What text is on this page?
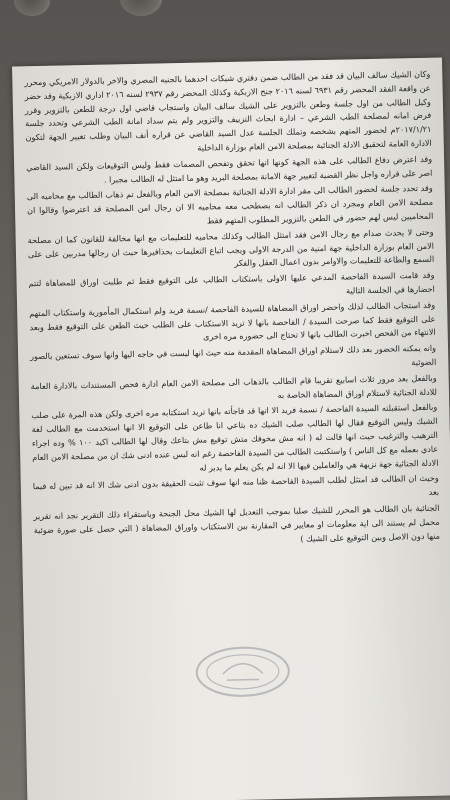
وكان الشيك سالف البيان قد فقد من الطالب ضمن دفتري شيكات احدهما بالجنيه المصري والاخر بالدولار الامريكي ومحرر عن واقعة الفقد المحضر رقم ٦٩٣١ لسنه ٢٠١٦ جنح الازبكية وكذلك المحضر رقم ٢٩٣٧ لسنه ٢٠١٦ اداري الازبكية وقد حضر وكيل الطالب من اول جلسة وطعن بالتزوير على الشيك سالف البيان واستجاب قاضي اول درجة للطعن بالتزوير وقرر فرض امانه لمصلحة الطب الشرعي – ادارة ابحاث التزييف والتزوير ولم يتم سداد امانة الطب الشرعي وتحدد جلسة ٢٠١٧/١/٢١م لحضور المتهم بشخصه وتملك الجلسة عدل السيد القاضي عن قراره أنف البيان وطلب تغيير الجهة لتكون الادارة العامة لتحقيق الادلة الجنائية بمصلحة الامن العام بوزارة الداخلية

وقد اعترض دفاع الطالب على هذه الجهة كونها انها تحقق وتفحص المصمات فقط وليس التوقيعات ولكن السيد القاضي اصر على قراره واجل نظر القضية لتغيير جهة الامانة بمصلحة البريد وهو ما امتثل له الطالب مجبرا .

وقد تحدد جلسة لحضور الطالب الى مقر ادارة الادلة الجنائية بمصلحة الامن العام وبالفعل تم ذهاب الطالب مع محاميه الى مصلحة الامن العام ومجرد ان ذكر الطالب انه يصطحب معه محاميه الا ان رجال امن المصلحة قد اعترضوا وقالوا ان المحاميين ليس لهم حضور في الطعن بالتزوير المطلوب المتهم فقط

وحتى لا يحدث صدام مع رجال الامن فقد امتثل الطالب وكذلك محاميه للتعليمات مع انها مخالفة للقانون كما ان مصلحة الامن العام بوزارة الداخلية جهة امنية من الدرجة الاولى ويجب اتباع التعليمات بحذافيرها حيث ان رجالها مدربين على على السمع والطاعة للتعليمات والاوامر بدون اعمال العقل والفكر

وقد قامت السيدة الفاحصة المدعي عليها الاولى باستكتاب الطالب على التوقيع فقط ثم طلبت اوراق للمضاهاة لتتم احضارها في الجلسة التالية

وقد استجاب الطالب لذلك واحضر اوراق المضاهاة للسيدة الفاحصة /نسمة فريد ولم استكمال المأمورية واستكتاب المتهم على التوقيع فقط كما صرحت السيدة / الفاحصة بانها لا تريد الاستكتاب على الطلب حيث الطعن على التوقيع فقط وبعد الانتهاء من الفحص اخبرت الطالب بانها لا تحتاج الى حضوره مره اخرى

وانه يمكنه الحضور بعد ذلك لاستلام اوراق المضاهاة المقدمة منه حيث انها ليست في حاجه اليها وانها سوف تستعين بالصور الضوئية

وبالفعل بعد مرور ثلاث اسابيع تقريبا قام الطالب بالذهاب الى مصلحة الامن العام ادارة فحص المستندات بالادارة العامة للادلة الجنائية لاستلام اوراق المضاهاة الخاصة به

وبالفعل استقبلته السيدة الفاحصة / نسمة فريد الا انها قد فاجأته بانها تريد استكتابه مره اخرى ولكن هذه المرة على صلب الشيك وليس التوقيع فقال لها الطالب صلب الشيك ده بتاعي انا طاعن على التوقيع الا انها استخدمت مع الطالب لغة الترهيب والترغيب حيث انها قالت له ( انه مش مخوفك متش توقيع مش بتاعك وقال لها الطالب اكيد ١٠٠ % وده اجراء عادي بعمله مع كل الناس ) واستكتبت الطالب من السيدة الفاحصة رغم انه ليس عنده ادنى شك ان من مصلحة الامن العام الادلة الجنائية جهة نزيهة هي والعاملين فيها الا انه لم يكن يعلم ما يدبر له

وحيث ان الطالب قد امتثل لطلب السيدة الفاحصة ظنا منه انها سوف تثبت الحقيقة بدون ادنى شك الا انه قد تبين له فيما بعد

الجنائية بان الطالب هو المحرر للشيك صلبا بموجب التعديل لها الشيك محل الجنحة وباستقراء ذلك التقرير نجد انه تقرير محمل لم يستند الى اية معلومات او معايير في المقارنة بين الاستكتاب واوراق المضاهاة ( التي حصل على صورة ضوئية منها دون الاصل وبين التوقيع على الشيك )
